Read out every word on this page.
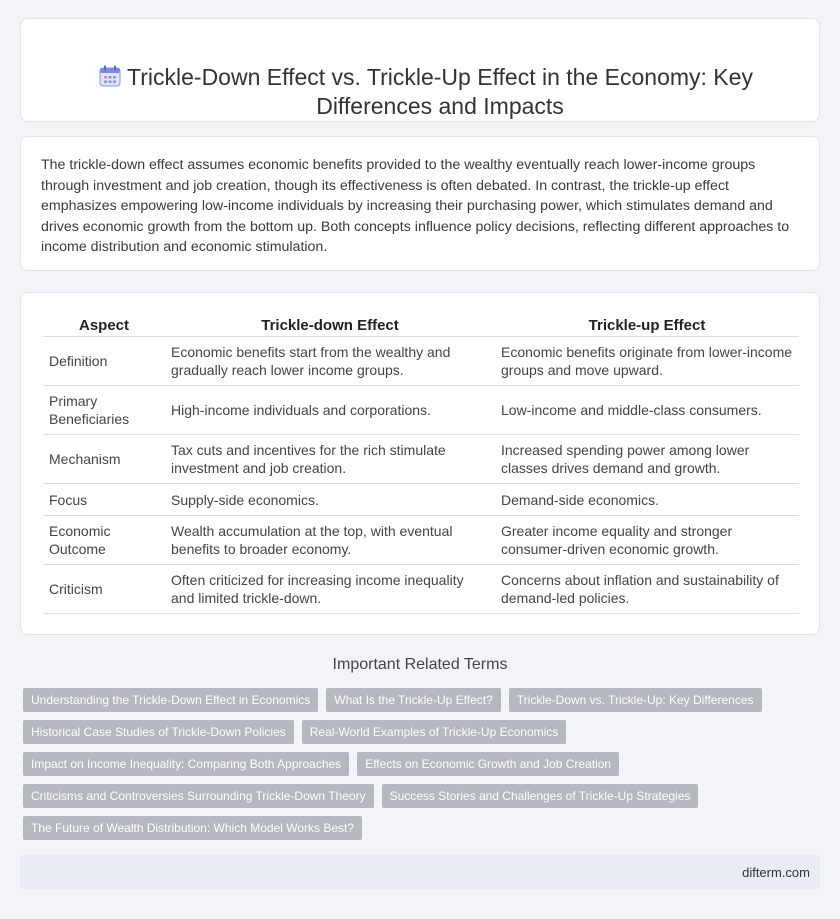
Trickle-Down Effect vs. Trickle-Up Effect in the Economy: Key Differences and Impacts

The trickle-down effect assumes economic benefits provided to the wealthy eventually reach lower-income groups through investment and job creation, though its effectiveness is often debated. In contrast, the trickle-up effect emphasizes empowering low-income individuals by increasing their purchasing power, which stimulates demand and drives economic growth from the bottom up. Both concepts influence policy decisions, reflecting different approaches to income distribution and economic stimulation.

Aspect	Trickle-down Effect	Trickle-up Effect
Definition	Economic benefits start from the wealthy and gradually reach lower income groups.	Economic benefits originate from lower-income groups and move upward.
Primary Beneficiaries	High-income individuals and corporations.	Low-income and middle-class consumers.
Mechanism	Tax cuts and incentives for the rich stimulate investment and job creation.	Increased spending power among lower classes drives demand and growth.
Focus	Supply-side economics.	Demand-side economics.
Economic Outcome	Wealth accumulation at the top, with eventual benefits to broader economy.	Greater income equality and stronger consumer-driven economic growth.
Criticism	Often criticized for increasing income inequality and limited trickle-down.	Concerns about inflation and sustainability of demand-led policies.
Important Related Terms
Understanding the Trickle-Down Effect in Economics	What Is the Trickle-Up Effect?	Trickle-Down vs. Trickle-Up: Key Differences
Historical Case Studies of Trickle-Down Policies	Real-World Examples of Trickle-Up Economics
Impact on Income Inequality: Comparing Both Approaches	Effects on Economic Growth and Job Creation
Criticisms and Controversies Surrounding Trickle-Down Theory	Success Stories and Challenges of Trickle-Up Strategies
The Future of Wealth Distribution: Which Model Works Best?
difterm.com
